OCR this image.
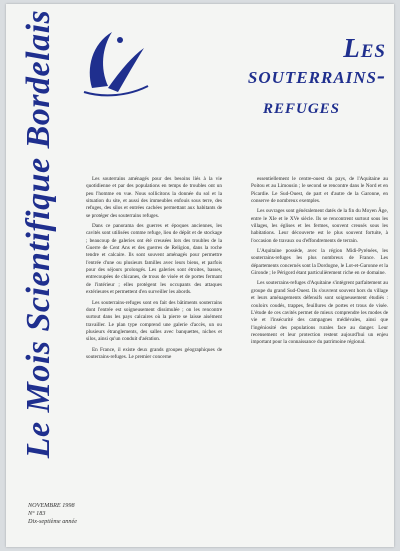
Le Mois Scientifique Bordelais	Les
souterrains-
refuges

Les souterrains aménagés pour des besoins liés à la vie quotidienne et par des populations en temps de troubles ont un peu l'homme en vue. Nous sollicitons la donnée du sol et la situation du site, et aussi des immeubles enfouis sous terre, des refuges, des silos et entrées cachées permettant aux habitants de se protéger des souterrains refuges.

Dans ce panorama des guerres et époques anciennes, les cavités sont utilisées comme refuge, lieu de dépôt et de stockage ; beaucoup de galeries ont été creusées lors des troubles de la Guerre de Cent Ans et des guerres de Religion, dans la roche tendre et calcaire. Ils sont souvent aménagés pour permettre l'entrée d'une ou plusieurs familles avec leurs biens, et parfois pour des séjours prolongés. Les galeries sont étroites, basses, entrecoupées de chicanes, de trous de visée et de portes fermant de l'intérieur ; elles protègent les occupants des attaques extérieures et permettent d'en surveiller les abords.

Les souterrains-refuges sont en fait des bâtiments souterrains dont l'entrée est soigneusement dissimulée ; on les rencontre surtout dans les pays calcaires où la pierre se laisse aisément travailler. Le plan type comprend une galerie d'accès, un ou plusieurs étranglements, des salles avec banquettes, niches et silos, ainsi qu'un conduit d'aération.

En France, il existe deux grands groupes géographiques de souterrains-refuges. Le premier concerne

essentiellement le centre-ouest du pays, de l'Aquitaine au Poitou et au Limousin ; le second se rencontre dans le Nord et en Picardie. Le Sud-Ouest, de part et d'autre de la Garonne, en conserve de nombreux exemples.

Les ouvrages sont généralement datés de la fin du Moyen Âge, entre le XIe et le XVe siècle. Ils se rencontrent surtout sous les villages, les églises et les fermes, souvent creusés sous les habitations. Leur découverte est le plus souvent fortuite, à l'occasion de travaux ou d'effondrements de terrain.

L'Aquitaine possède, avec la région Midi-Pyrénées, les souterrains-refuges les plus nombreux de France. Les départements concernés sont la Dordogne, le Lot-et-Garonne et la Gironde ; le Périgord étant particulièrement riche en ce domaine.

Les souterrains-refuges d'Aquitaine s'intègrent parfaitement au groupe du grand Sud-Ouest. Ils s'ouvrent souvent hors du village et leurs aménagements défensifs sont soigneusement étudiés : couloirs coudés, trappes, feuillures de portes et trous de visée. L'étude de ces cavités permet de mieux comprendre les modes de vie et l'insécurité des campagnes médiévales, ainsi que l'ingéniosité des populations rurales face au danger. Leur recensement et leur protection restent aujourd'hui un enjeu important pour la connaissance du patrimoine régional.

NOVEMBRE 1998
N° 183
Dix-septième année
